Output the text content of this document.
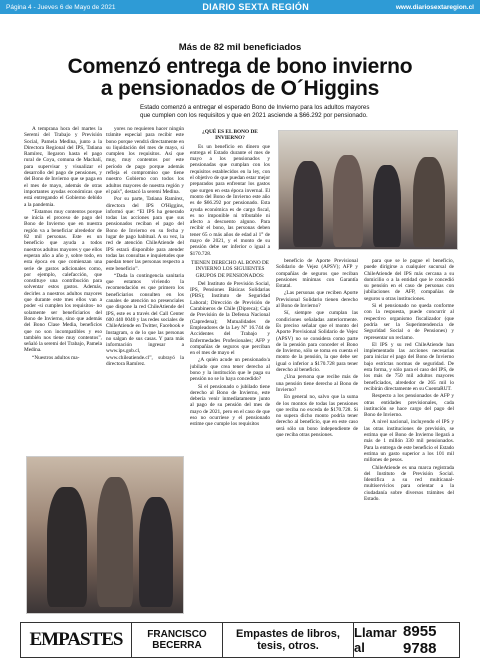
Página 4 - Jueves 6 de Mayo de 2021	DIARIO SEXTA REGIÓN	www.diariosextaregion.cl
Más de 82 mil beneficiados
Comenzó entrega de bono invierno
a pensionados de O´Higgins
Estado comenzó a entregar el esperado Bono de Invierno para los adultos mayores que cumplen con los requisitos y que en 2021 asciende a $66.292 por pensionado.

A temprana hora del martes la Seremi del Trabajo y Previsión Social, Pamela Medina, junto a la Directora Regional del IPS, Tatiana Ramírez, llegaron hasta el pago rural de Coya, comuna de Machalí, para supervisar y visualizar el desarrollo del pago de pensiones, y del Bono de Invierno que se paga en el mes de mayo, además de otras importantes ayudas económicas que está entregando el Gobierno debido a la pandemia.

“Estamos muy contentos porque se inicia el proceso de pago del Bono de Invierno que en nuestra región va a beneficiar alrededor de 82 mil personas. Este es un beneficio que ayuda a todos nuestros adultos mayores y que ellos esperan año a año y, sobre todo, en esta época en que comienzan una serie de gastos adicionales como, por ejemplo, calefacción, que constituye una contribución para solventar estos gastos. Además, decirles a nuestros adultos mayores que durante este mes ellos van a poder -si cumplen los requisitos- no solamente ser beneficiarios del Bono de Invierno, sino que además del Bono Clase Media, beneficios que no son incompatibles y eso también nos tiene muy contentos”, señaló la seremi del Trabajo, Pamela Medina.

“Nuestros adultos ma-

yores no requieren hacer ningún trámite especial para recibir este bono porque vendrá directamente en su liquidación del mes de mayo, si cumplen los requisitos. Así que muy, muy contentos por este período de pago porque además refleja el compromiso que tiene nuestro Gobierno con todos los adultos mayores de nuestra región y el país”, destacó la seremi Medina.

Por su parte, Tatiana Ramírez, directora del IPS O'Higgins, informó que: “El IPS ha generado todas las acciones para que sus pensionados reciban el pago del Bono de Invierno en su fecha y lugar de pago habitual. A su vez, la red de atención ChileAtiende del IPS estará disponible para atender todas las consultas e inquietudes que puedan tener las personas respecto a este beneficio”.

“Dada la contingencia sanitaria que estamos viviendo la recomendación es que primero los beneficiarios consulten en los canales de atención no presenciales que dispone la red ChileAtiende del IPS, este es a través del Call Center 600 440 0040 y las redes sociales de ChileAtiende en Twitter, Facebook e Instagram, o de lo que las personas no salgan de sus casas. Y para más información ingresar a www.ips.gob.cl, www.chileatiende.cl”, subrayó la directora Ramírez.

¿QUÉ ES EL BONO DE INVIERNO?

Es un beneficio en dinero que entrega el Estado durante el mes de mayo a los pensionados y pensionadas que cumplan con los requisitos establecidos en la ley, con el objetivo de que puedan estar mejor preparados para enfrentar los gastos que surgen en esta época invernal. El monto del Bono de Invierno este año es de $66.292 por pensionado. Esta ayuda económica es de cargo fiscal, es no imponible ni tributable ni afecto a descuento alguno. Para recibir el bono, las personas deben tener 65 o más años de edad al 1° de mayo de 2021, y el monto de su pensión debe ser inferior o igual a $170.728.

TIENEN DERECHO AL BONO DE INVIERNO LOS SIGUIENTES GRUPOS DE PENSIONADOS:

Del Instituto de Previsión Social, IPS, Pensiones Básicas Solidarias (PBS); Instituto de Seguridad Laboral; Dirección de Previsión de Carabineros de Chile (Dipreca); Caja de Previsión de la Defensa Nacional (Capredena); Mutualidades de Empleadores de la Ley N° 16.744 de Accidentes del Trabajo y Enfermedades Profesionales; AFP y compañías de seguros que perciban en el mes de mayo el

¿A quién acude un pensionado/a jubilado que crea tener derecho al bono y la institución que le paga su pensión no se lo haya concedido?

Si el pensionado o jubilado tiene derecho al Bono de Invierno, este debería venir inmediatamente junto al pago de su pensión del mes de mayo de 2021, pero en el caso de que eso no ocurriese y el pensionado estime que cumple los requisitos

beneficio de Aporte Previsional Solidario de Vejez (APSV); AFP y compañías de seguros que reciban pensiones mínimas con Garantía Estatal.

¿Las personas que reciben Aporte Previsional Solidario tienen derecho al Bono de Invierno?

Sí, siempre que cumplan las condiciones señaladas anteriormente. Es preciso señalar que el monto del Aporte Previsional Solidario de Vejez (APSV) no se considera como parte de la pensión para conceder el Bono de Invierno, sólo se toma en cuenta el monto de la pensión, la que debe ser igual o inferior a $170.728 para tener derecho al beneficio.

¿Una persona que recibe más de una pensión tiene derecho al Bono de Invierno?

En general no, salvo que la suma de los montos de todas las pensiones que reciba no exceda de $170.728. Si no supera dicho monto podría tener derecho al beneficio, que en este caso será sólo un bono independiente de que reciba otras pensiones.

para que se le pague el beneficio, puede dirigirse a cualquier sucursal de ChileAtiende del IPS más cercana a su domicilio o a la entidad que le concedió su pensión en el caso de personas con jubilaciones de AFP, compañías de seguros u otras instituciones.

Si el pensionado no queda conforme con la respuesta, puede concurrir al respectivo organismo fiscalizador (que podría ser la Superintendencia de Seguridad Social o de Pensiones) y representar un reclamo.

El IPS y su red ChileAtiende han implementado las acciones necesarias para iniciar el pago del Bono de Invierno bajo estrictas normas de seguridad. De esta forma, y sólo para el caso del IPS, de los más de 750 mil adultos mayores beneficiados, alrededor de 265 mil lo recibirán directamente en su CuentaRUT.

Respecto a los pensionados de AFP y otras entidades previsionales, cada institución se hace cargo del pago del Bono de Invierno.

A nivel nacional, incluyendo el IPS y las otras instituciones de previsión, se estima que el Bono de Invierno llegará a más de 1 millón 330 mil pensionados. Para la entrega de este beneficio el Estado estima un gasto superior a los 101 mil millones de pesos.

ChileAtiende es una marca registrada del Instituto de Previsión Social. Identifica a su red multicanal-multiservicios para orientar a la ciudadanía sobre diversos trámites del Estado.

EMPASTES	FRANCISCO
BECERRA
Empastes de libros,
tesis, otros.
Llamar al
8955 9788
